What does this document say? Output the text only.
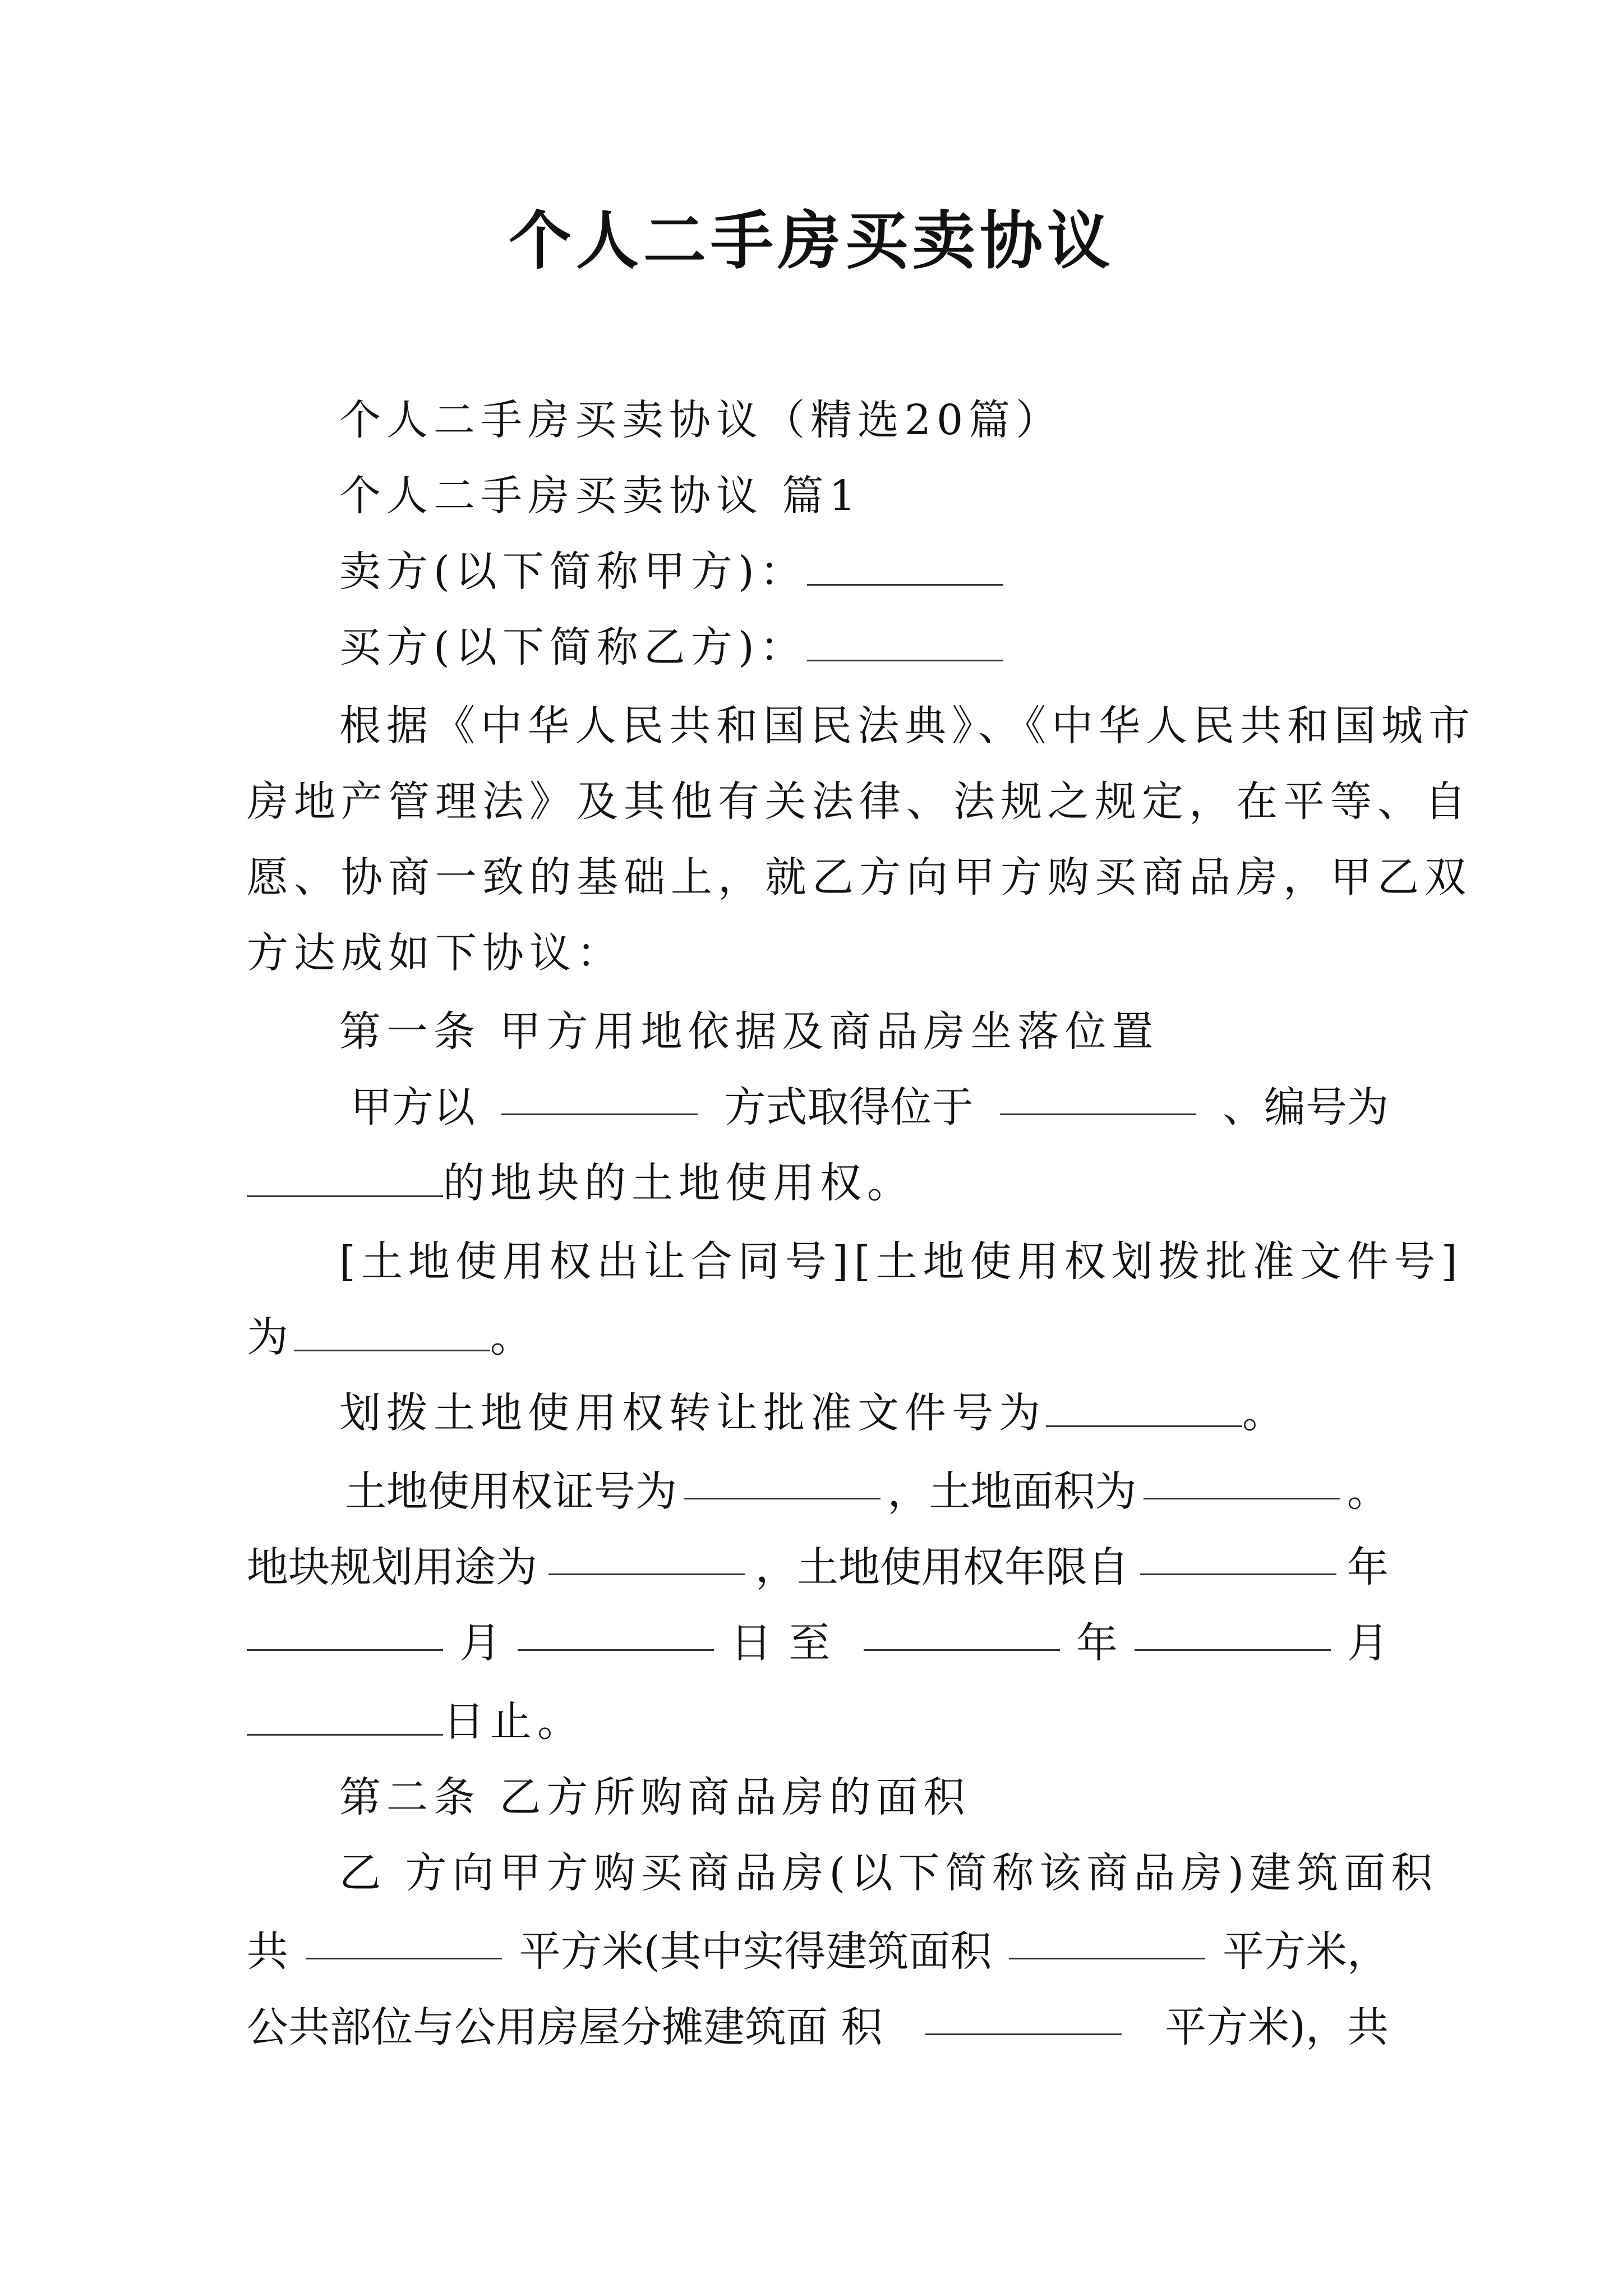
个人二手房买卖协议
个人二手房买卖协议（精选20篇）
个人二手房买卖协议 篇1
卖方(以下简称甲方)：
买方(以下简称乙方)：
根据《中华人民共和国民法典》、《中华人民共和国城市
房地产管理法》及其他有关法律、法规之规定，在平等、自
愿、协商一致的基础上，就乙方向甲方购买商品房，甲乙双
方达成如下协议：
第一条 甲方用地依据及商品房坐落位置
甲方以	方式取得位于	、编号为
的地块的土地使用权。
[土地使用权出让合同号][土地使用权划拨批准文件号]
为	。
划拨土地使用权转让批准文件号为	。
土地使用权证号为	，土地面积为	。
地块规划用途为	，土地使用权年限自	年
月	日至	年	月
日止。
第二条 乙方所购商品房的面积
乙 方向甲方购买商品房(以下简称该商品房)建筑面积
共	平方米(其中实得建筑面积	平方米，
公共部位与公用房屋分摊建筑面 积	平方米)，共
